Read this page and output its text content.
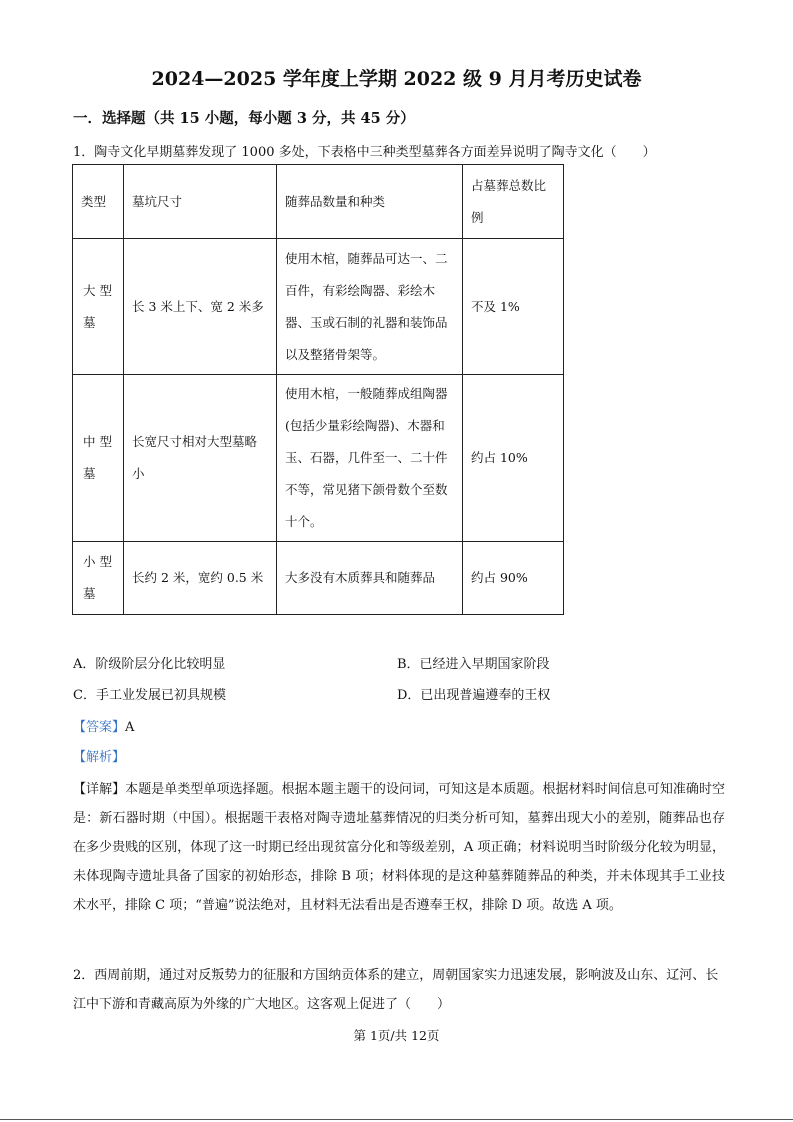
2024—2025 学年度上学期 2022 级 9 月月考历史试卷
一．选择题（共 15 小题，每小题 3 分，共 45 分）
1．陶寺文化早期墓葬发现了 1000 多处，下表格中三种类型墓葬各方面差异说明了陶寺文化（　　）
类型	墓坑尺寸	随葬品数量和种类	占墓葬总数比例
大 型 墓	长 3 米上下、宽 2 米多	使用木棺，随葬品可达一、二百件，有彩绘陶器、彩绘木器、玉或石制的礼器和装饰品以及整猪骨架等。	不及 1%
中 型 墓	长宽尺寸相对大型墓略小	使用木棺，一般随葬成组陶器(包括少量彩绘陶器)、木器和玉、石器，几件至一、二十件不等，常见猪下颌骨数个至数十个。	约占 10%
小 型 墓	长约 2 米，宽约 0.5 米	大多没有木质葬具和随葬品	约占 90%
A．阶级阶层分化比较明显	B．已经进入早期国家阶段
C．手工业发展已初具规模	D．已出现普遍遵奉的王权
【答案】A
【解析】
【详解】本题是单类型单项选择题。根据本题主题干的设问词，可知这是本质题。根据材料时间信息可知准确时空是：新石器时期（中国）。根据题干表格对陶寺遗址墓葬情况的归类分析可知，墓葬出现大小的差别，随葬品也存在多少贵贱的区别，体现了这一时期已经出现贫富分化和等级差别，A 项正确；材料说明当时阶级分化较为明显，未体现陶寺遗址具备了国家的初始形态，排除 B 项；材料体现的是这种墓葬随葬品的种类，并未体现其手工业技术水平，排除 C 项；“普遍”说法绝对，且材料无法看出是否遵奉王权，排除 D 项。故选 A 项。
2．西周前期，通过对反叛势力的征服和方国纳贡体系的建立，周朝国家实力迅速发展，影响波及山东、辽河、长江中下游和青藏高原为外缘的广大地区。这客观上促进了（　　）
第 1页/共 12页
